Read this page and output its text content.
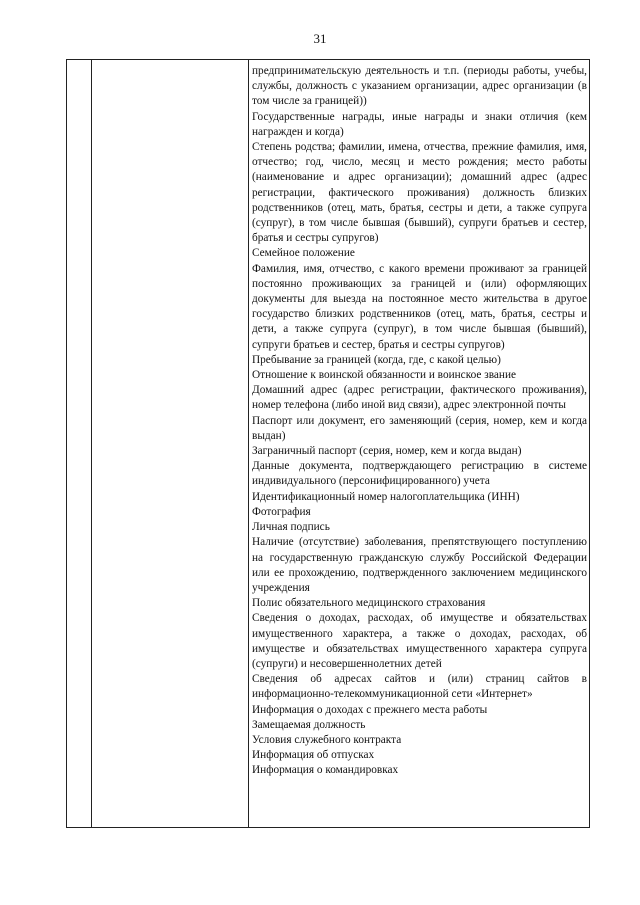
31

предпринимательскую деятельность и т.п. (периоды работы, учебы, службы, должность с указанием организации, адрес организации (в том числе за границей))

Государственные награды, иные награды и знаки отличия (кем награжден и когда)

Степень родства; фамилии, имена, отчества, прежние фамилия, имя, отчество; год, число, месяц и место рождения; место работы (наименование и адрес организации); домашний адрес (адрес регистрации, фактического проживания) должность близких родственников (отец, мать, братья, сестры и дети, а также супруга (супруг), в том числе бывшая (бывший), супруги братьев и сестер, братья и сестры супругов)

Семейное положение

Фамилия, имя, отчество, с какого времени проживают за границей постоянно проживающих за границей и (или) оформляющих документы для выезда на постоянное место жительства в другое государство близких родственников (отец, мать, братья, сестры и дети, а также супруга (супруг), в том числе бывшая (бывший), супруги братьев и сестер, братья и сестры супругов)

Пребывание за границей (когда, где, с какой целью)

Отношение к воинской обязанности и воинское звание

Домашний адрес (адрес регистрации, фактического проживания), номер телефона (либо иной вид связи), адрес электронной почты

Паспорт или документ, его заменяющий (серия, номер, кем и когда выдан)

Заграничный паспорт (серия, номер, кем и когда выдан)

Данные документа, подтверждающего регистрацию в системе индивидуального (персонифицированного) учета

Идентификационный номер налогоплательщика (ИНН)

Фотография

Личная подпись

Наличие (отсутствие) заболевания, препятствующего поступлению на государственную гражданскую службу Российской Федерации или ее прохождению, подтвержденного заключением медицинского учреждения

Полис обязательного медицинского страхования

Сведения о доходах, расходах, об имуществе и обязательствах имущественного характера, а также о доходах, расходах, об имуществе и обязательствах имущественного характера супруга (супруги) и несовершеннолетних детей

Сведения об адресах сайтов и (или) страниц сайтов в информационно-телекоммуникационной сети «Интернет»

Информация о доходах с прежнего места работы

Замещаемая должность

Условия служебного контракта

Информация об отпусках

Информация о командировках
